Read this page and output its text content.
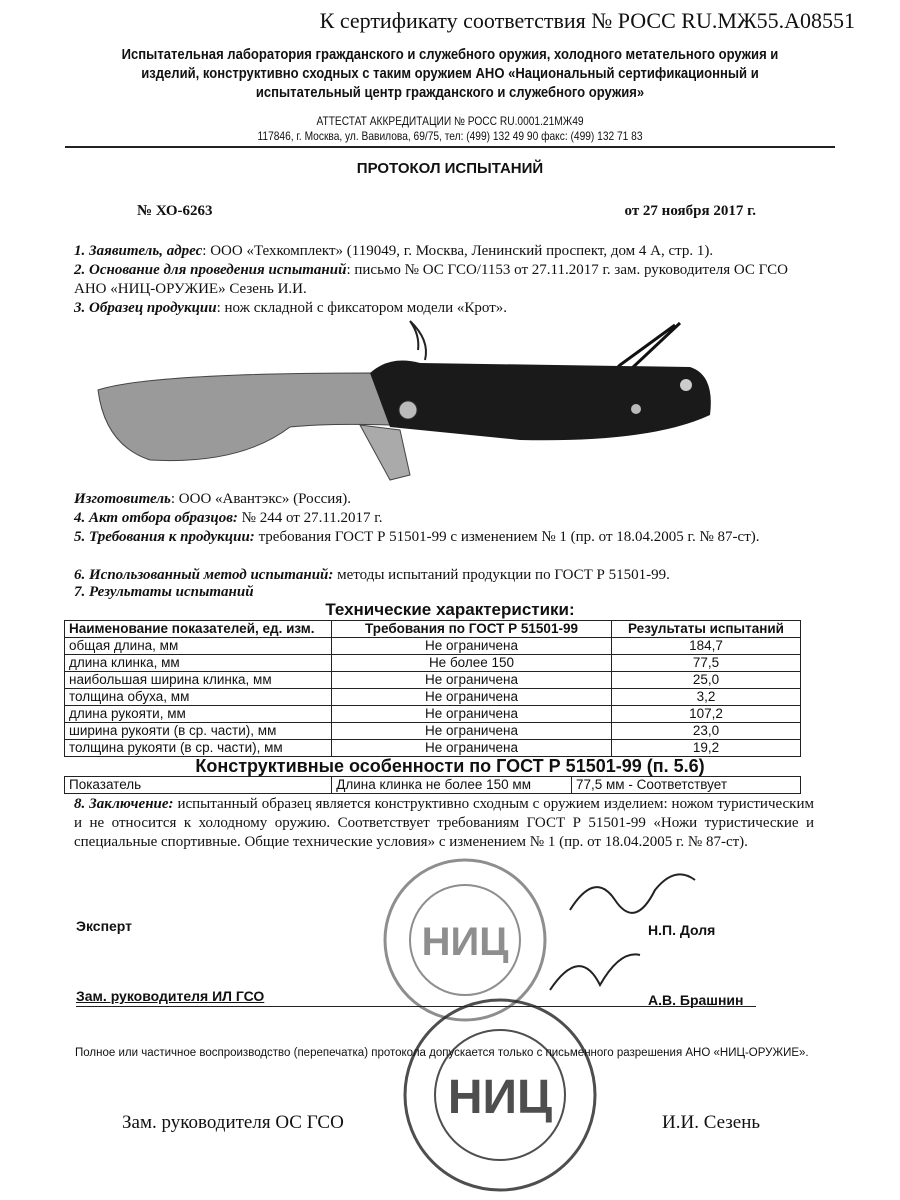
К сертификату соответствия № РОСС RU.МЖ55.А08551
Испытательная лаборатория гражданского и служебного оружия, холодного метательного оружия и изделий, конструктивно сходных с таким оружием АНО «Национальный сертификационный и испытательный центр гражданского и служебного оружия»
АТТЕСТАТ АККРЕДИТАЦИИ № РОСС RU.0001.21МЖ49
117846, г. Москва, ул. Вавилова, 69/75, тел: (499) 132 49 90 факс: (499) 132 71 83
ПРОТОКОЛ ИСПЫТАНИЙ
№ ХО-6263	от 27 ноября 2017 г.
1. Заявитель, адрес: ООО «Техкомплект» (119049, г. Москва, Ленинский проспект, дом 4 А, стр. 1).
2. Основание для проведения испытаний: письмо № ОС ГСО/1153 от 27.11.2017 г. зам. руководителя ОС ГСО АНО «НИЦ-ОРУЖИЕ» Сезень И.И.
3. Образец продукции: нож складной с фиксатором модели «Крот».
Изготовитель: ООО «Авантэкс» (Россия).
4. Акт отбора образцов: № 244 от 27.11.2017 г.
5. Требования к продукции: требования ГОСТ Р 51501-99 с изменением № 1 (пр. от 18.04.2005 г. № 87-ст).
6. Использованный метод испытаний: методы испытаний продукции по ГОСТ Р 51501-99.
7. Результаты испытаний
Технические характеристики:
Наименование показателей, ед. изм.	Требования по ГОСТ Р 51501-99	Результаты испытаний
общая длина, мм	Не ограничена	184,7
длина клинка, мм	Не более 150	77,5
наибольшая ширина клинка, мм	Не ограничена	25,0
толщина обуха, мм	Не ограничена	3,2
длина рукояти, мм	Не ограничена	107,2
ширина рукояти (в ср. части), мм	Не ограничена	23,0
толщина рукояти (в ср. части), мм	Не ограничена	19,2
Конструктивные особенности по ГОСТ Р 51501-99 (п. 5.6)
Показатель	Длина клинка не более 150 мм	77,5 мм - Соответствует
8. Заключение: испытанный образец является конструктивно сходным с оружием изделием: ножом туристическим и не относится к холодному оружию. Соответствует требованиям ГОСТ Р 51501-99 «Ножи туристические и специальные спортивные. Общие технические условия» с изменением № 1 (пр. от 18.04.2005 г. № 87-ст).
НИЦ
НИЦ
Эксперт	Н.П. Доля
Зам. руководителя ИЛ ГСО	А.В. Брашнин
Полное или частичное воспроизводство (перепечатка) протокола допускается только с письменного разрешения АНО «НИЦ-ОРУЖИЕ».
Зам. руководителя ОС ГСО	И.И. Сезень
